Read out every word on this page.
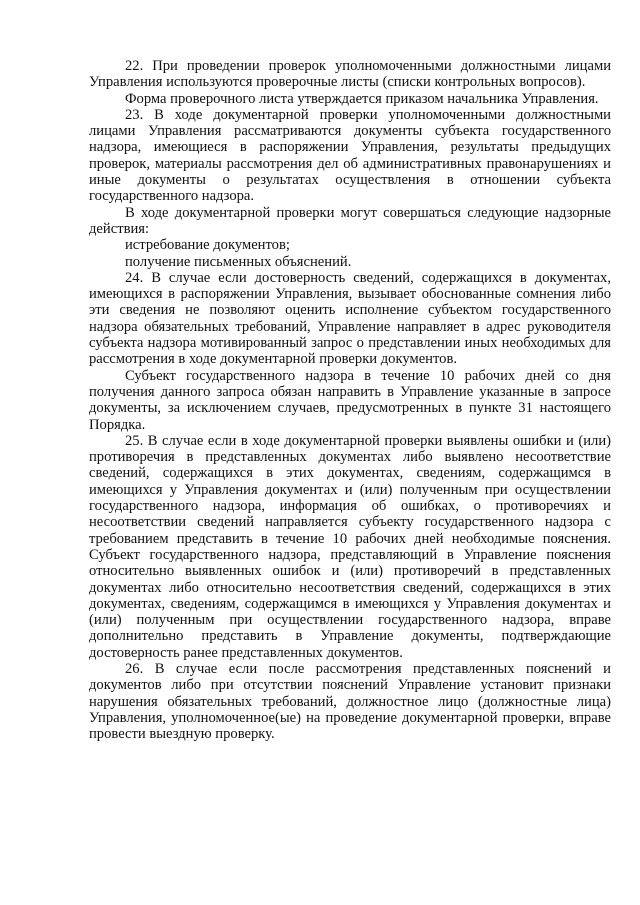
22. При проведении проверок уполномоченными должностными лицами Управления используются проверочные листы (списки контрольных вопросов).

Форма проверочного листа утверждается приказом начальника Управления.

23. В ходе документарной проверки уполномоченными должностными лицами Управления рассматриваются документы субъекта государственного надзора, имеющиеся в распоряжении Управления, результаты предыдущих проверок, материалы рассмотрения дел об административных правонарушениях и иные документы о результатах осуществления в отношении субъекта государственного надзора.

В ходе документарной проверки могут совершаться следующие надзорные действия:

истребование документов;

получение письменных объяснений.

24. В случае если достоверность сведений, содержащихся в документах, имеющихся в распоряжении Управления, вызывает обоснованные сомнения либо эти сведения не позволяют оценить исполнение субъектом государственного надзора обязательных требований, Управление направляет в адрес руководителя субъекта надзора мотивированный запрос о представлении иных необходимых для рассмотрения в ходе документарной проверки документов.

Субъект государственного надзора в течение 10 рабочих дней со дня получения данного запроса обязан направить в Управление указанные в запросе документы, за исключением случаев, предусмотренных в пункте 31 настоящего Порядка.

25. В случае если в ходе документарной проверки выявлены ошибки и (или) противоречия в представленных документах либо выявлено несоответствие сведений, содержащихся в этих документах, сведениям, содержащимся в имеющихся у Управления документах и (или) полученным при осуществлении государственного надзора, информация об ошибках, о противоречиях и несоответствии сведений направляется субъекту государственного надзора с требованием представить в течение 10 рабочих дней необходимые пояснения. Субъект государственного надзора, представляющий в Управление пояснения относительно выявленных ошибок и (или) противоречий в представленных документах либо относительно несоответствия сведений, содержащихся в этих документах, сведениям, содержащимся в имеющихся у Управления документах и (или) полученным при осуществлении государственного надзора, вправе дополнительно представить в Управление документы, подтверждающие достоверность ранее представленных документов.

26. В случае если после рассмотрения представленных пояснений и документов либо при отсутствии пояснений Управление установит признаки нарушения обязательных требований, должностное лицо (должностные лица) Управления, уполномоченное(ые) на проведение документарной проверки, вправе провести выездную проверку.
